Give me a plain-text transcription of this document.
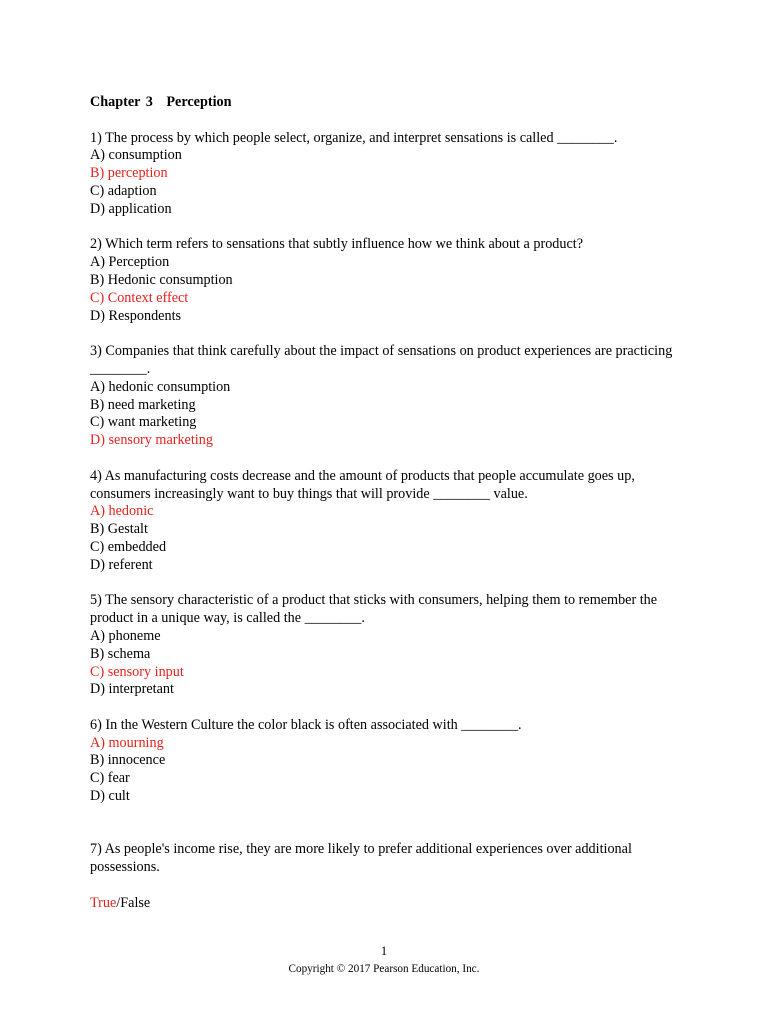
Chapter 3 Perception
1) The process by which people select, organize, and interpret sensations is called ________.
A) consumption
B) perception
C) adaption
D) application
2) Which term refers to sensations that subtly influence how we think about a product?
A) Perception
B) Hedonic consumption
C) Context effect
D) Respondents
3) Companies that think carefully about the impact of sensations on product experiences are practicing ________.
A) hedonic consumption
B) need marketing
C) want marketing
D) sensory marketing
4) As manufacturing costs decrease and the amount of products that people accumulate goes up, consumers increasingly want to buy things that will provide ________ value.
A) hedonic
B) Gestalt
C) embedded
D) referent
5) The sensory characteristic of a product that sticks with consumers, helping them to remember the product in a unique way, is called the ________.
A) phoneme
B) schema
C) sensory input
D) interpretant
6) In the Western Culture the color black is often associated with ________.
A) mourning
B) innocence
C) fear
D) cult
7) As people's income rise, they are more likely to prefer additional experiences over additional possessions.
True/False
1
Copyright © 2017 Pearson Education, Inc.
